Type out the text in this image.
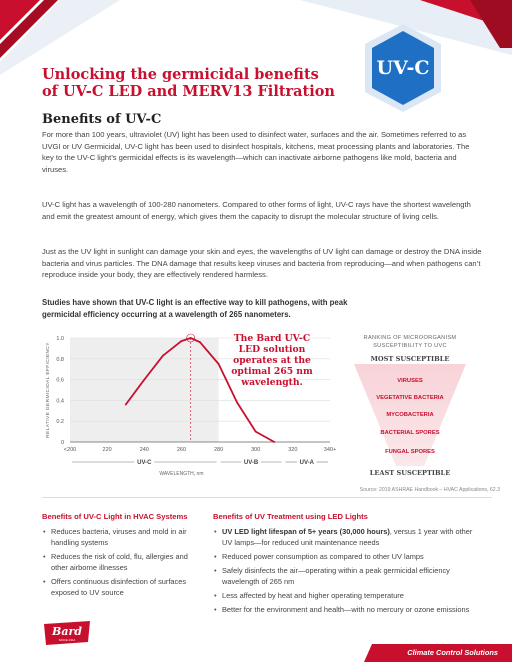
UV-C
Unlocking the germicidal benefits
of UV-C LED and MERV13 Filtration
Benefits of UV-C

For more than 100 years, ultraviolet (UV) light has been used to disinfect water, surfaces and the air. Sometimes referred to as UVGI or UV Germicidal, UV-C light has been used to disinfect hospitals, kitchens, meat processing plants and laboratories. The key to the UV-C light’s germicidal effects is its wavelength—which can inactivate airborne pathogens like mold, bacteria and viruses.

UV-C light has a wavelength of 100-280 nanometers. Compared to other forms of light, UV-C rays have the shortest wavelength and emit the greatest amount of energy, which gives them the capacity to disrupt the molecular structure of living cells.

Just as the UV light in sunlight can damage your skin and eyes, the wavelengths of UV light can damage or destroy the DNA inside bacteria and virus particles. The DNA damage that results keep viruses and bacteria from reproducing—and when pathogens can’t reproduce inside your body, they are effectively rendered harmless.

Studies have shown that UV-C light is an effective way to kill pathogens, with peak germicidal efficiency occurring at a wavelength of 265 nanometers.

0
0.2
0.4
0.6
0.8
1.0
<200	220	240	260	280	300	320	340+
RELATIVE GERMICIDAL EFFICIENCY
UV-C	UV-B	UV-A
WAVELENGTH, nm

The Bard UV-C LED solution operates at the optimal 265 nm wavelength.

RANKING OF MICROORGANISM
SUSCEPTIBILITY TO UVC
MOST SUSCEPTIBLE
VIRUSES
VEGETATIVE BACTERIA
MYCOBACTERIA
BACTERIAL SPORES
FUNGAL SPORES
LEAST SUSCEPTIBLE
Source: 2019 ASHRAE Handbook – HVAC Applications, 62.3
Benefits of UV-C Light in HVAC Systems
• Reduces bacteria, viruses and mold in air handling systems
• Reduces the risk of cold, flu, allergies and other airborne illnesses
• Offers continuous disinfection of surfaces exposed to UV source
Benefits of UV Treatment using LED Lights
• UV LED light lifespan of 5+ years (30,000 hours), versus 1 year with other UV lamps—for reduced unit maintenance needs
• Reduced power consumption as compared to other UV lamps
• Safely disinfects the air—operating within a peak germicidal efficiency wavelength of 265 nm
• Less affected by heat and higher operating temperature
• Better for the environment and health—with no mercury or ozone emissions
Bard
SINCE 1914
Climate Control Solutions
